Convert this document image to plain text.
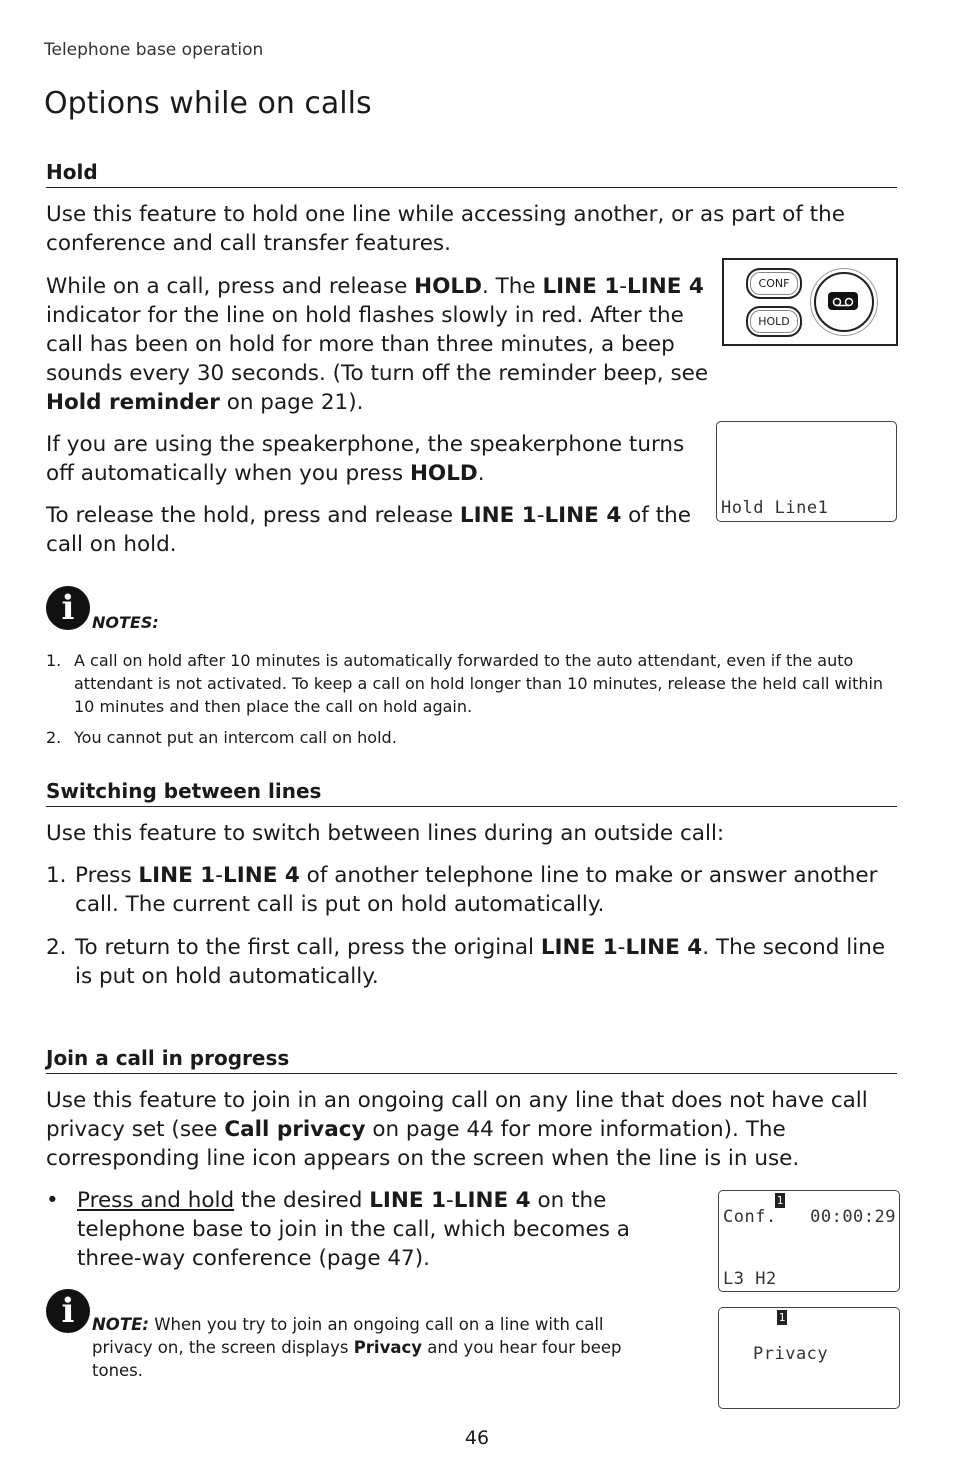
Telephone base operation
Options while on calls
Hold

Use this feature to hold one line while accessing another, or as part of the conference and call transfer features.

While on a call, press and release HOLD. The LINE 1-LINE 4 indicator for the line on hold flashes slowly in red. After the call has been on hold for more than three minutes, a beep sounds every 30 seconds. (To turn off the reminder beep, see Hold reminder on page 21).

CONF
HOLD

If you are using the speakerphone, the speakerphone turns off automatically when you press HOLD.

To release the hold, press and release LINE 1-LINE 4 of the call on hold.

Hold Line1
i	NOTES:
1. A call on hold after 10 minutes is automatically forwarded to the auto attendant, even if the auto attendant is not activated. To keep a call on hold longer than 10 minutes, release the held call within 10 minutes and then place the call on hold again.
2. You cannot put an intercom call on hold.
Switching between lines

Use this feature to switch between lines during an outside call:

1. Press LINE 1-LINE 4 of another telephone line to make or answer another call. The current call is put on hold automatically.
2. To return to the first call, press the original LINE 1-LINE 4. The second line is put on hold automatically.
Join a call in progress

Use this feature to join in an ongoing call on any line that does not have call privacy set (see Call privacy on page 44 for more information). The corresponding line icon appears on the screen when the line is in use.

• Press and hold the desired LINE 1-LINE 4 on the telephone base to join in the call, which becomes a three-way conference (page 47).
1
Conf. 00:00:29
L3 H2
i	NOTE: When you try to join an ongoing call on a line with call privacy on, the screen displays Privacy and you hear four beep tones.
1
Privacy
46
